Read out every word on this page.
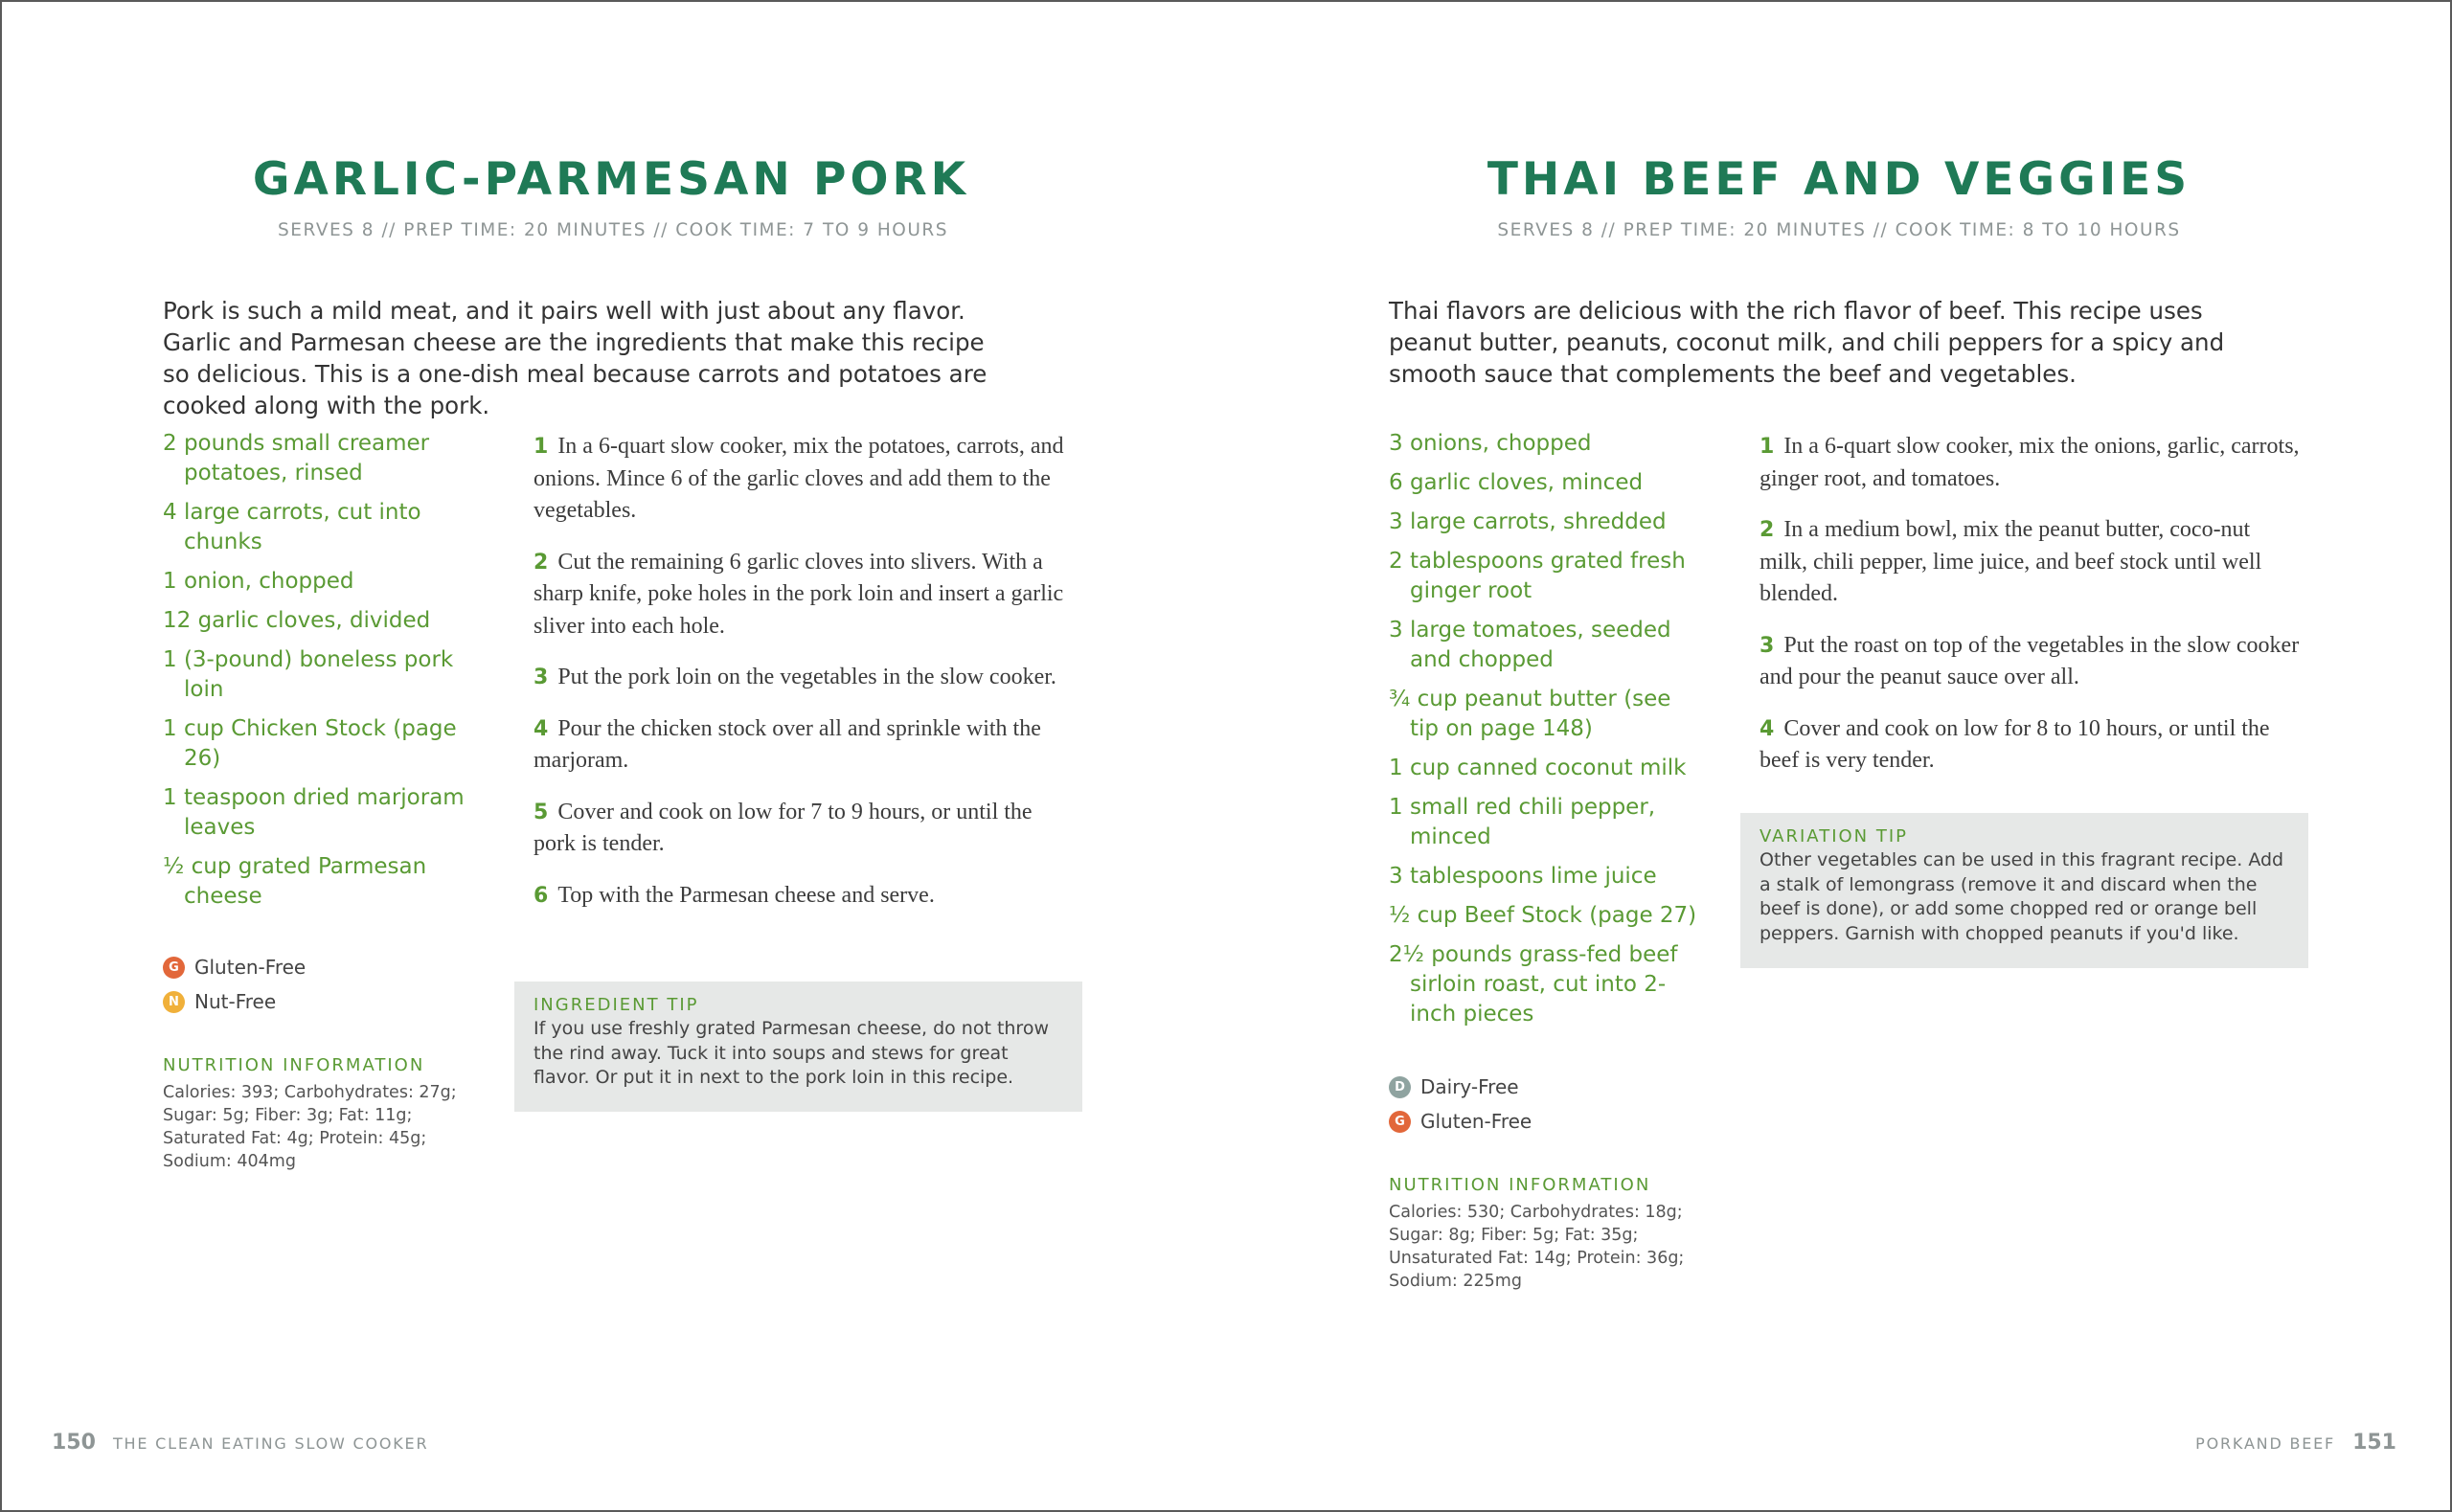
GARLIC-PARMESAN PORK
SERVES 8 // PREP TIME: 20 MINUTES // COOK TIME: 7 TO 9 HOURS

Pork is such a mild meat, and it pairs well with just about any flavor. Garlic and Parmesan cheese are the ingredients that make this recipe so delicious. This is a one-dish meal because carrots and potatoes are cooked along with the pork.

2 pounds small creamer potatoes, rinsed
4 large carrots, cut into chunks
1 onion, chopped
12 garlic cloves, divided
1 (3-pound) boneless pork loin
1 cup Chicken Stock (page 26)
1 teaspoon dried marjoram leaves
½ cup grated Parmesan cheese
1 In a 6-quart slow cooker, mix the potatoes, carrots, and onions. Mince 6 of the garlic cloves and add them to the vegetables.
2 Cut the remaining 6 garlic cloves into slivers. With a sharp knife, poke holes in the pork loin and insert a garlic sliver into each hole.
3 Put the pork loin on the vegetables in the slow cooker.
4 Pour the chicken stock over all and sprinkle with the marjoram.
5 Cover and cook on low for 7 to 9 hours, or until the pork is tender.
6 Top with the Parmesan cheese and serve.
INGREDIENT TIP
If you use freshly grated Parmesan cheese, do not throw the rind away. Tuck it into soups and stews for great flavor. Or put it in next to the pork loin in this recipe.
G Gluten-Free
N Nut-Free
NUTRITION INFORMATION
Calories: 393; Carbohydrates: 27g; Sugar: 5g; Fiber: 3g; Fat: 11g; Saturated Fat: 4g; Protein: 45g; Sodium: 404mg
150 THE CLEAN EATING SLOW COOKER
THAI BEEF AND VEGGIES
SERVES 8 // PREP TIME: 20 MINUTES // COOK TIME: 8 TO 10 HOURS

Thai flavors are delicious with the rich flavor of beef. This recipe uses peanut butter, peanuts, coconut milk, and chili peppers for a spicy and smooth sauce that complements the beef and vegetables.

3 onions, chopped
6 garlic cloves, minced
3 large carrots, shredded
2 tablespoons grated fresh ginger root
3 large tomatoes, seeded and chopped
¾ cup peanut butter (see tip on page 148)
1 cup canned coconut milk
1 small red chili pepper, minced
3 tablespoons lime juice
½ cup Beef Stock (page 27)
2½ pounds grass-fed beef sirloin roast, cut into 2-inch pieces
1 In a 6-quart slow cooker, mix the onions, garlic, carrots, ginger root, and tomatoes.
2 In a medium bowl, mix the peanut butter, coco-nut milk, chili pepper, lime juice, and beef stock until well blended.
3 Put the roast on top of the vegetables in the slow cooker and pour the peanut sauce over all.
4 Cover and cook on low for 8 to 10 hours, or until the beef is very tender.
VARIATION TIP
Other vegetables can be used in this fragrant recipe. Add a stalk of lemongrass (remove it and discard when the beef is done), or add some chopped red or orange bell peppers. Garnish with chopped peanuts if you'd like.
D Dairy-Free
G Gluten-Free
NUTRITION INFORMATION
Calories: 530; Carbohydrates: 18g; Sugar: 8g; Fiber: 5g; Fat: 35g; Unsaturated Fat: 14g; Protein: 36g; Sodium: 225mg
PORKAND BEEF 151
